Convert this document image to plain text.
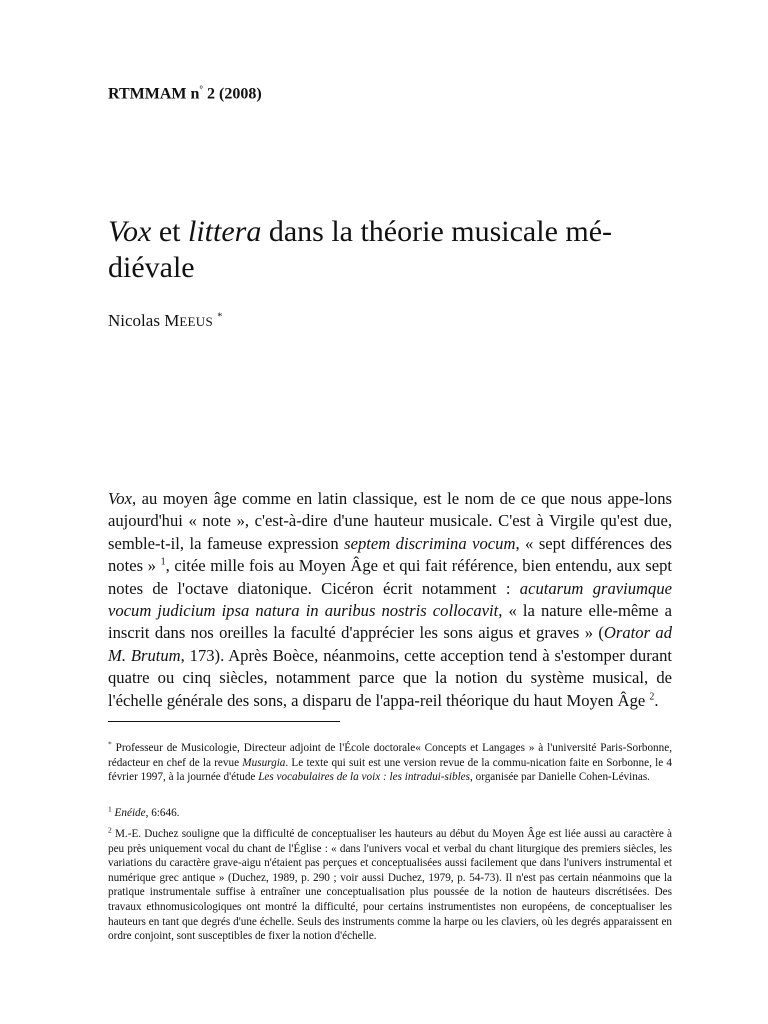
RTMMAM n° 2 (2008)
Vox et littera dans la théorie musicale mé-diévale
Nicolas MEEUS *

Vox, au moyen âge comme en latin classique, est le nom de ce que nous appe-lons aujourd'hui « note », c'est-à-dire d'une hauteur musicale. C'est à Virgile qu'est due, semble-t-il, la fameuse expression septem discrimina vocum, « sept différences des notes » $^1$, citée mille fois au Moyen Âge et qui fait référence, bien entendu, aux sept notes de l'octave diatonique. Cicéron écrit notamment : acutarum graviumque vocum judicium ipsa natura in auribus nostris collocavit, « la nature elle-même a inscrit dans nos oreilles la faculté d'apprécier les sons aigus et graves » (Orator ad M. Brutum, 173). Après Boèce, néanmoins, cette acception tend à s'estomper durant quatre ou cinq siècles, notamment parce que la notion du système musical, de l'échelle générale des sons, a disparu de l'appa-reil théorique du haut Moyen Âge $^2$.

* Professeur de Musicologie, Directeur adjoint de l'École doctorale« Concepts et Langages » à l'université Paris-Sorbonne, rédacteur en chef de la revue Musurgia. Le texte qui suit est une version revue de la commu-nication faite en Sorbonne, le 4 février 1997, à la journée d'étude Les vocabulaires de la voix : les intradui-sibles, organisée par Danielle Cohen-Lévinas.

$^1$ Enéide, 6:646.

$^2$ M.-E. Duchez souligne que la difficulté de conceptualiser les hauteurs au début du Moyen Âge est liée aussi au caractère à peu près uniquement vocal du chant de l'Église : « dans l'univers vocal et verbal du chant liturgique des premiers siècles, les variations du caractère grave-aigu n'étaient pas perçues et conceptualisées aussi facilement que dans l'univers instrumental et numérique grec antique » (Duchez, 1989, p. 290 ; voir aussi Duchez, 1979, p. 54-73). Il n'est pas certain néanmoins que la pratique instrumentale suffise à entraîner une conceptualisation plus poussée de la notion de hauteurs discrétisées. Des travaux ethnomusicologiques ont montré la difficulté, pour certains instrumentistes non européens, de conceptualiser les hauteurs en tant que degrés d'une échelle. Seuls des instruments comme la harpe ou les claviers, où les degrés apparaissent en ordre conjoint, sont susceptibles de fixer la notion d'échelle.
